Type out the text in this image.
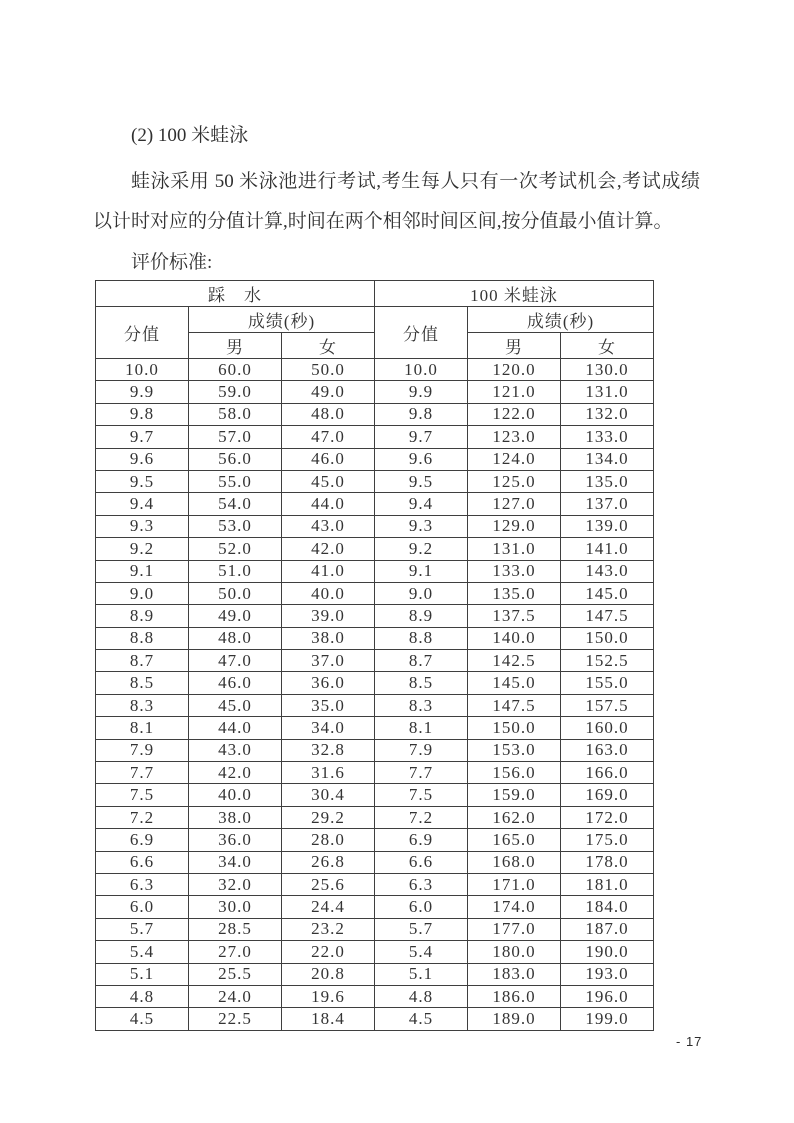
(2) 100 米蛙泳

蛙泳采用 50 米泳池进行考试,考生每人只有一次考试机会,考试成绩以计时对应的分值计算,时间在两个相邻时间区间,按分值最小值计算。

评价标准:
踩　水			100 米蛙泳		
分值	成绩(秒)		分值	成绩(秒)	
	男	女		男	女
10.0	60.0	50.0	10.0	120.0	130.0
9.9	59.0	49.0	9.9	121.0	131.0
9.8	58.0	48.0	9.8	122.0	132.0
9.7	57.0	47.0	9.7	123.0	133.0
9.6	56.0	46.0	9.6	124.0	134.0
9.5	55.0	45.0	9.5	125.0	135.0
9.4	54.0	44.0	9.4	127.0	137.0
9.3	53.0	43.0	9.3	129.0	139.0
9.2	52.0	42.0	9.2	131.0	141.0
9.1	51.0	41.0	9.1	133.0	143.0
9.0	50.0	40.0	9.0	135.0	145.0
8.9	49.0	39.0	8.9	137.5	147.5
8.8	48.0	38.0	8.8	140.0	150.0
8.7	47.0	37.0	8.7	142.5	152.5
8.5	46.0	36.0	8.5	145.0	155.0
8.3	45.0	35.0	8.3	147.5	157.5
8.1	44.0	34.0	8.1	150.0	160.0
7.9	43.0	32.8	7.9	153.0	163.0
7.7	42.0	31.6	7.7	156.0	166.0
7.5	40.0	30.4	7.5	159.0	169.0
7.2	38.0	29.2	7.2	162.0	172.0
6.9	36.0	28.0	6.9	165.0	175.0
6.6	34.0	26.8	6.6	168.0	178.0
6.3	32.0	25.6	6.3	171.0	181.0
6.0	30.0	24.4	6.0	174.0	184.0
5.7	28.5	23.2	5.7	177.0	187.0
5.4	27.0	22.0	5.4	180.0	190.0
5.1	25.5	20.8	5.1	183.0	193.0
4.8	24.0	19.6	4.8	186.0	196.0
4.5	22.5	18.4	4.5	189.0	199.0
- 17
